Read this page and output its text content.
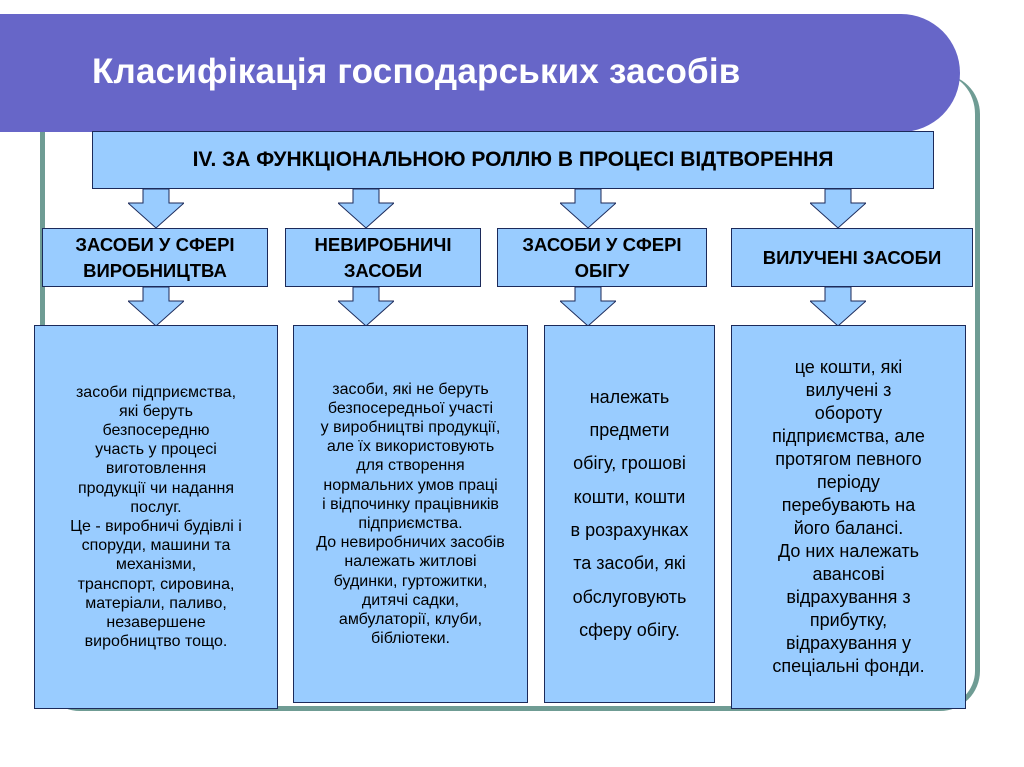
Класифікація господарських засобів
IV. ЗА ФУНКЦІОНАЛЬНОЮ РОЛЛЮ В ПРОЦЕСІ ВІДТВОРЕННЯ
ЗАСОБИ У СФЕРІ
ВИРОБНИЦТВА
НЕВИРОБНИЧІ
ЗАСОБИ
ЗАСОБИ У СФЕРІ
ОБІГУ
ВИЛУЧЕНІ ЗАСОБИ
засоби підприємства,
які беруть
безпосередню
участь у процесі
виготовлення
продукції чи надання
послуг.
Це - виробничі будівлі і
споруди, машини та
механізми,
транспорт, сировина,
матеріали, паливо,
незавершене
виробництво тощо.
засоби, які не беруть
безпосередньої участі
у виробництві продукції,
але їх використовують
для створення
нормальних умов праці
і відпочинку працівників
підприємства.
До невиробничих засобів
належать житлові
будинки, гуртожитки,
дитячі садки,
амбулаторії, клуби,
бібліотеки.
належать
предмети
обігу, грошові
кошти, кошти
в розрахунках
та засоби, які
обслуговують
сферу обігу.
це кошти, які
вилучені з
обороту
підприємства, але
протягом певного
періоду
перебувають на
його балансі.
До них належать
авансові
відрахування з
прибутку,
відрахування у
спеціальні фонди.
